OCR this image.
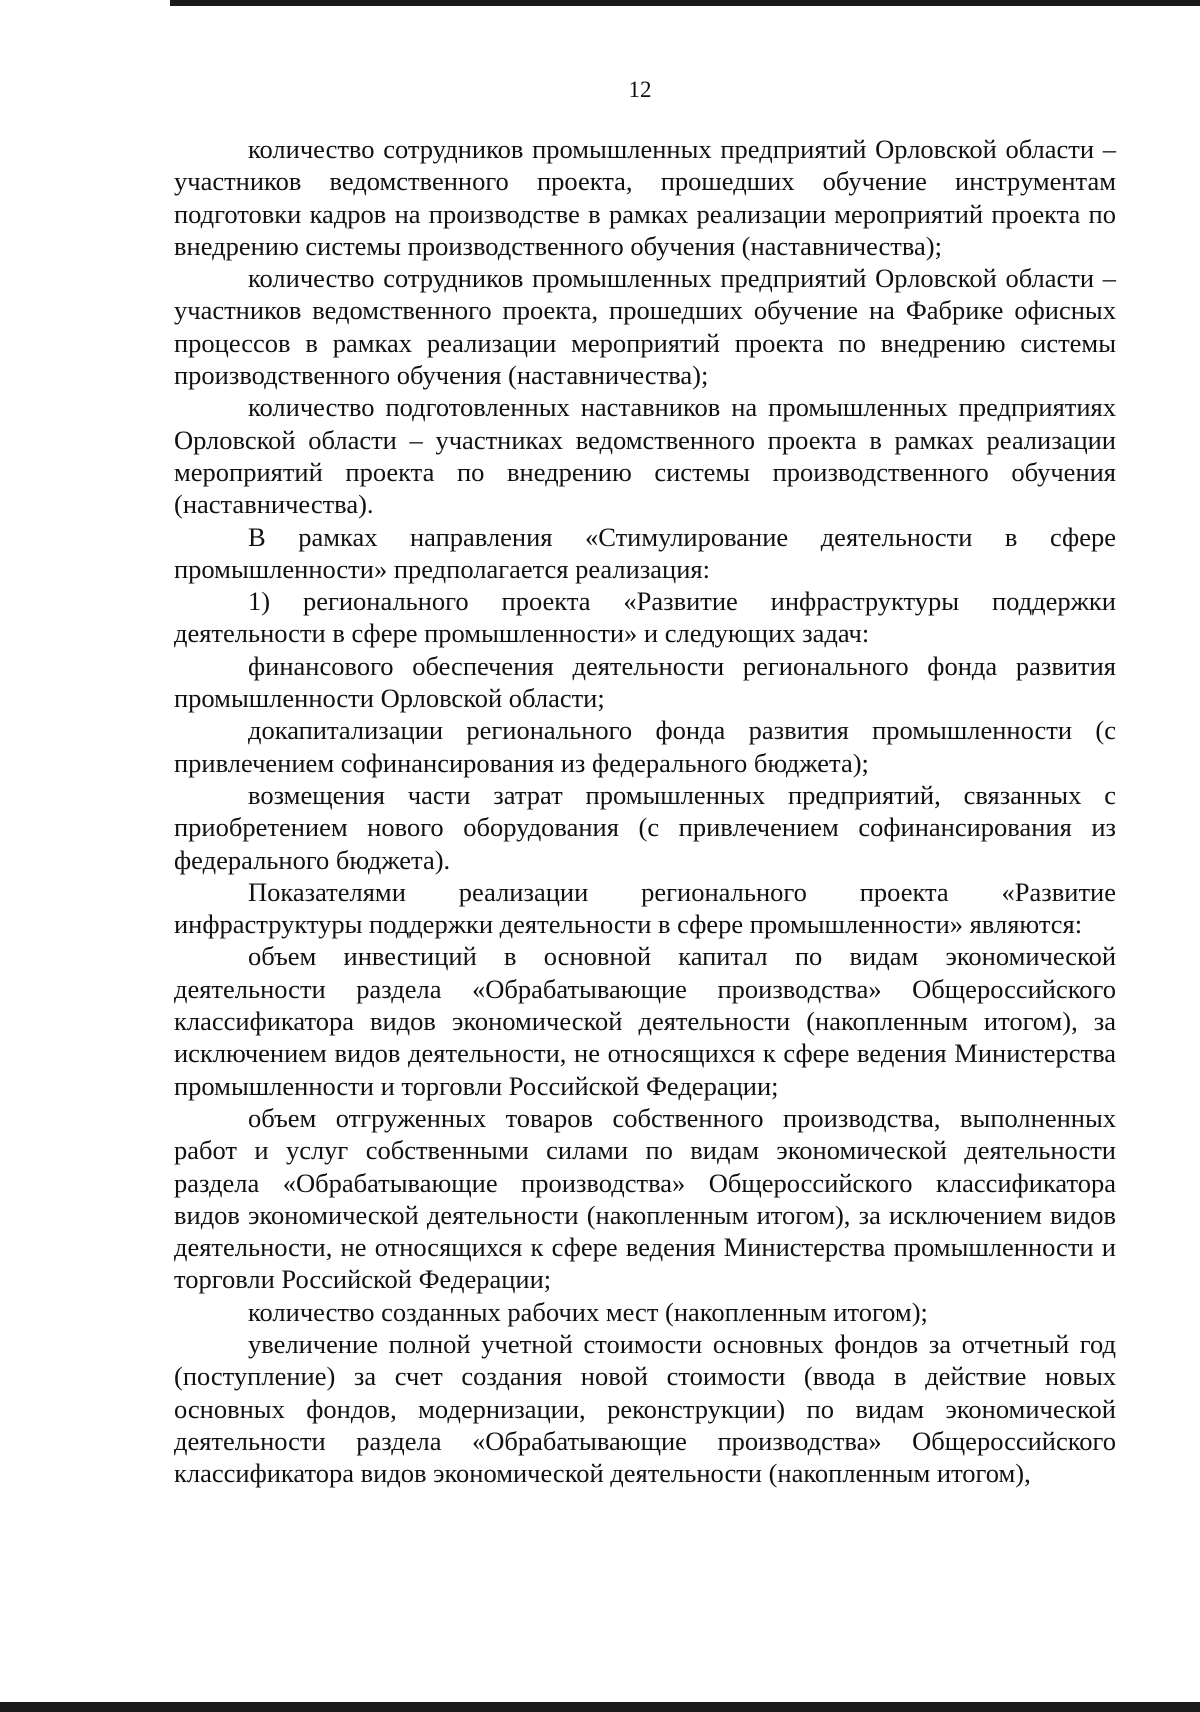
12

количество сотрудников промышленных предприятий Орловской области – участников ведомственного проекта, прошедших обучение инструментам подготовки кадров на производстве в рамках реализации мероприятий проекта по внедрению системы производственного обучения (наставничества);

количество сотрудников промышленных предприятий Орловской области – участников ведомственного проекта, прошедших обучение на Фабрике офисных процессов в рамках реализации мероприятий проекта по внедрению системы производственного обучения (наставничества);

количество подготовленных наставников на промышленных предприятиях Орловской области – участниках ведомственного проекта в рамках реализации мероприятий проекта по внедрению системы производственного обучения (наставничества).

В рамках направления «Стимулирование деятельности в сфере промышленности» предполагается реализация:

1) регионального проекта «Развитие инфраструктуры поддержки деятельности в сфере промышленности» и следующих задач:

финансового обеспечения деятельности регионального фонда развития промышленности Орловской области;

докапитализации регионального фонда развития промышленности (с привлечением софинансирования из федерального бюджета);

возмещения части затрат промышленных предприятий, связанных с приобретением нового оборудования (с привлечением софинансирования из федерального бюджета).

Показателями реализации регионального проекта «Развитие инфраструктуры поддержки деятельности в сфере промышленности» являются:

объем инвестиций в основной капитал по видам экономической деятельности раздела «Обрабатывающие производства» Общероссийского классификатора видов экономической деятельности (накопленным итогом), за исключением видов деятельности, не относящихся к сфере ведения Министерства промышленности и торговли Российской Федерации;

объем отгруженных товаров собственного производства, выполненных работ и услуг собственными силами по видам экономической деятельности раздела «Обрабатывающие производства» Общероссийского классификатора видов экономической деятельности (накопленным итогом), за исключением видов деятельности, не относящихся к сфере ведения Министерства промышленности и торговли Российской Федерации;

количество созданных рабочих мест (накопленным итогом);

увеличение полной учетной стоимости основных фондов за отчетный год (поступление) за счет создания новой стоимости (ввода в действие новых основных фондов, модернизации, реконструкции) по видам экономической деятельности раздела «Обрабатывающие производства» Общероссийского классификатора видов экономической деятельности (накопленным итогом),
